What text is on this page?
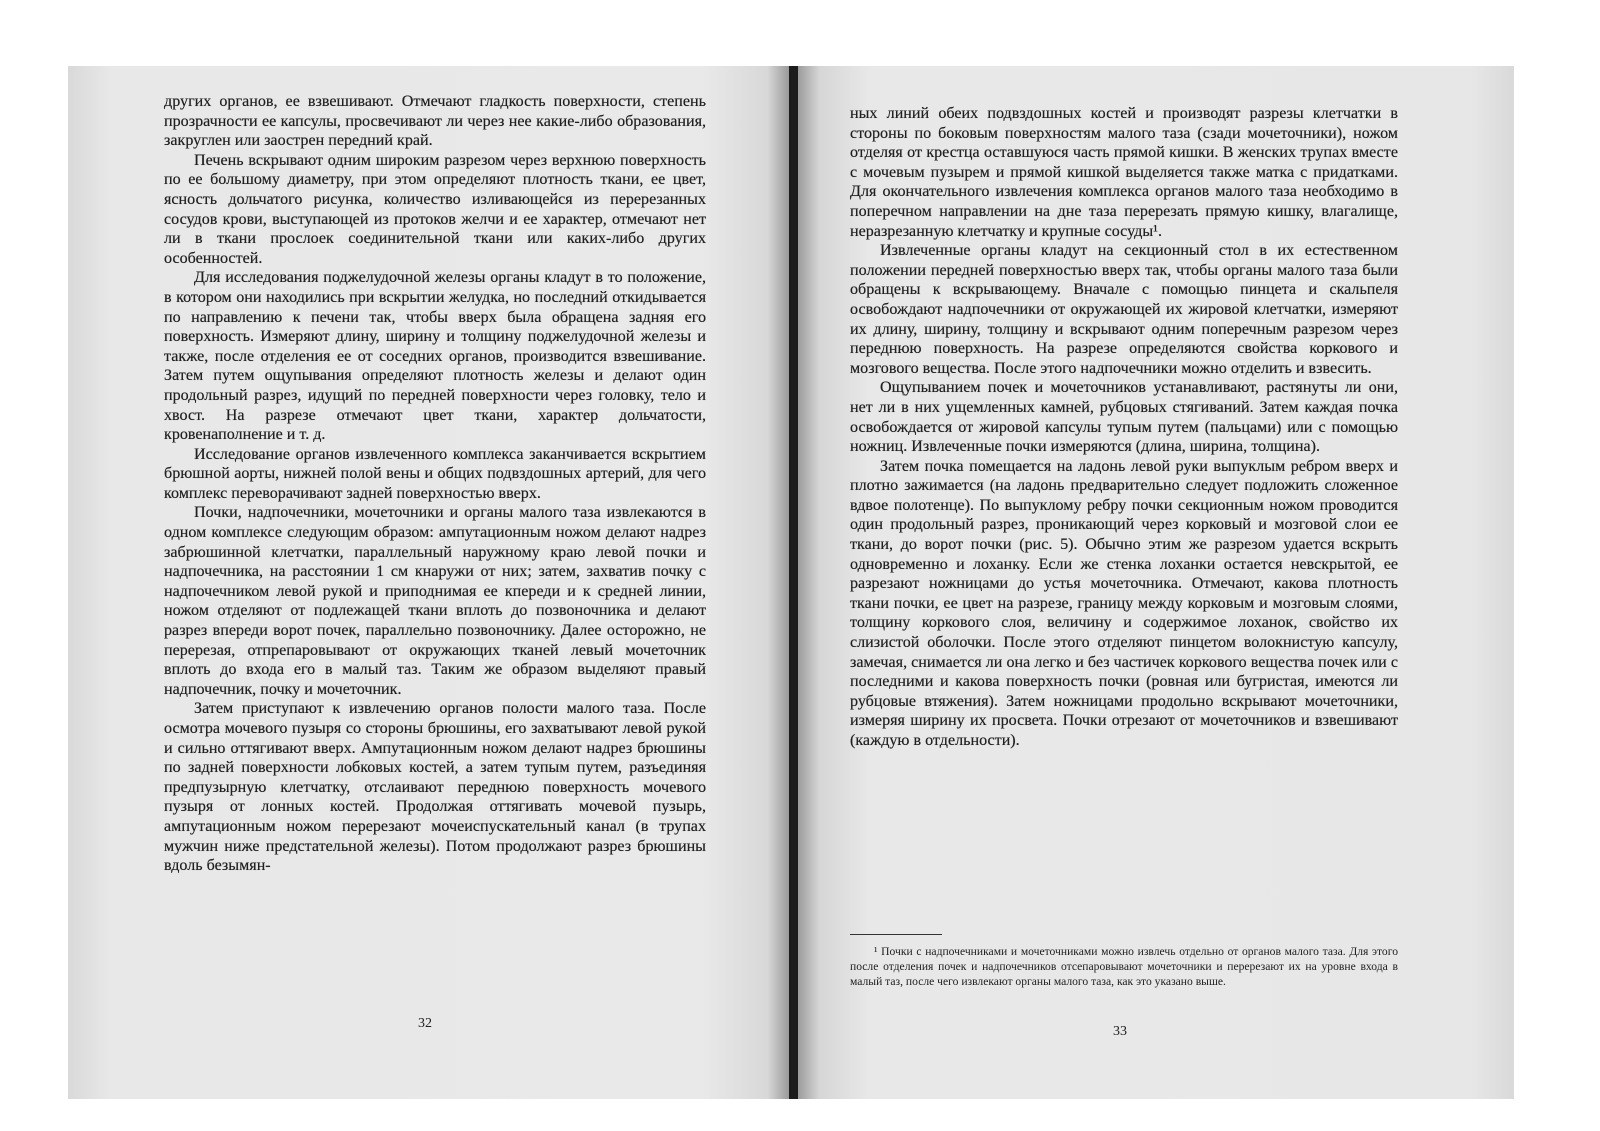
других органов, ее взвешивают. Отмечают гладкость поверхности, степень прозрачности ее капсулы, просвечивают ли через нее какие-либо образования, закруглен или заострен передний край.

Печень вскрывают одним широким разрезом через верхнюю поверхность по ее большому диаметру, при этом определяют плотность ткани, ее цвет, ясность дольчатого рисунка, количество изливающейся из перерезанных сосудов крови, выступающей из протоков желчи и ее характер, отмечают нет ли в ткани прослоек соединительной ткани или каких-либо других особенностей.

Для исследования поджелудочной железы органы кладут в то положение, в котором они находились при вскрытии желудка, но последний откидывается по направлению к печени так, чтобы вверх была обращена задняя его поверхность. Измеряют длину, ширину и толщину поджелудочной железы и также, после отделения ее от соседних органов, производится взвешивание. Затем путем ощупывания определяют плотность железы и делают один продольный разрез, идущий по передней поверхности через головку, тело и хвост. На разрезе отмечают цвет ткани, характер дольчатости, кровенаполнение и т. д.

Исследование органов извлеченного комплекса заканчивается вскрытием брюшной аорты, нижней полой вены и общих подвздошных артерий, для чего комплекс переворачивают задней поверхностью вверх.

Почки, надпочечники, мочеточники и органы малого таза извлекаются в одном комплексе следующим образом: ампутационным ножом делают надрез забрюшинной клетчатки, параллельный наружному краю левой почки и надпочечника, на расстоянии 1 см кнаружи от них; затем, захватив почку с надпочечником левой рукой и приподнимая ее кпереди и к средней линии, ножом отделяют от подлежащей ткани вплоть до позвоночника и делают разрез впереди ворот почек, параллельно позвоночнику. Далее осторожно, не перерезая, отпрепаровывают от окружающих тканей левый мочеточник вплоть до входа его в малый таз. Таким же образом выделяют правый надпочечник, почку и мочеточник.

Затем приступают к извлечению органов полости малого таза. После осмотра мочевого пузыря со стороны брюшины, его захватывают левой рукой и сильно оттягивают вверх. Ампутационным ножом делают надрез брюшины по задней поверхности лобковых костей, а затем тупым путем, разъединяя предпузырную клетчатку, отслаивают переднюю поверхность мочевого пузыря от лонных костей. Продолжая оттягивать мочевой пузырь, ампутационным ножом перерезают мочеиспускательный канал (в трупах мужчин ниже предстательной железы). Потом продолжают разрез брюшины вдоль безымян-

32

ных линий обеих подвздошных костей и производят разрезы клетчатки в стороны по боковым поверхностям малого таза (сзади мочеточники), ножом отделяя от крестца оставшуюся часть прямой кишки. В женских трупах вместе с мочевым пузырем и прямой кишкой выделяется также матка с придатками. Для окончательного извлечения комплекса органов малого таза необходимо в поперечном направлении на дне таза перерезать прямую кишку, влагалище, неразрезанную клетчатку и крупные сосуды¹.

Извлеченные органы кладут на секционный стол в их естественном положении передней поверхностью вверх так, чтобы органы малого таза были обращены к вскрывающему. Вначале с помощью пинцета и скальпеля освобождают надпочечники от окружающей их жировой клетчатки, измеряют их длину, ширину, толщину и вскрывают одним поперечным разрезом через переднюю поверхность. На разрезе определяются свойства коркового и мозгового вещества. После этого надпочечники можно отделить и взвесить.

Ощупыванием почек и мочеточников устанавливают, растянуты ли они, нет ли в них ущемленных камней, рубцовых стягиваний. Затем каждая почка освобождается от жировой капсулы тупым путем (пальцами) или с помощью ножниц. Извлеченные почки измеряются (длина, ширина, толщина).

Затем почка помещается на ладонь левой руки выпуклым ребром вверх и плотно зажимается (на ладонь предварительно следует подложить сложенное вдвое полотенце). По выпуклому ребру почки секционным ножом проводится один продольный разрез, проникающий через корковый и мозговой слои ее ткани, до ворот почки (рис. 5). Обычно этим же разрезом удается вскрыть одновременно и лоханку. Если же стенка лоханки остается невскрытой, ее разрезают ножницами до устья мочеточника. Отмечают, какова плотность ткани почки, ее цвет на разрезе, границу между корковым и мозговым слоями, толщину коркового слоя, величину и содержимое лоханок, свойство их слизистой оболочки. После этого отделяют пинцетом волокнистую капсулу, замечая, снимается ли она легко и без частичек коркового вещества почек или с последними и какова поверхность почки (ровная или бугристая, имеются ли рубцовые втяжения). Затем ножницами продольно вскрывают мочеточники, измеряя ширину их просвета. Почки отрезают от мочеточников и взвешивают (каждую в отдельности).

¹ Почки с надпочечниками и мочеточниками можно извлечь отдельно от органов малого таза. Для этого после отделения почек и надпочечников отсепаровывают мочеточники и перерезают их на уровне входа в малый таз, после чего извлекают органы малого таза, как это указано выше.

33
